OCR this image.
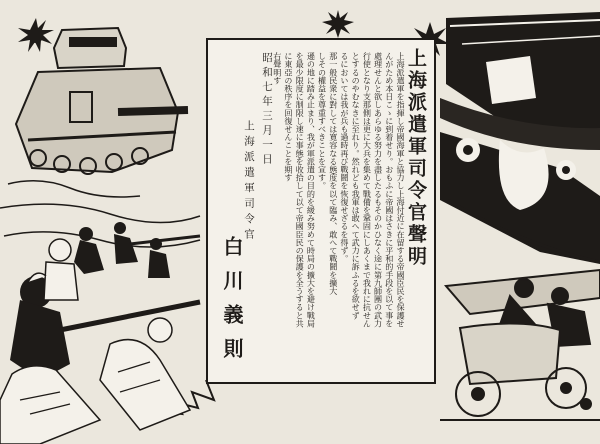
上海派遣軍司令官聲明
上海派遣軍を指揮し帝國海軍と協力し上海付近に在留する帝國臣民を保護せ
んがため本日こゝに到着せり。おもふに帝國はさきに平和的手段を以て事を
處理せんと欲しあらゆる努力を盡したるもそのかひなく途に第九師團の武力
行使となり支那側は更に大兵を集めて戰備を鞏固にしあくまで我れに抗せん
とするのやむなきに至れり。然れども我軍は敢へて武力に訴ふるを欲せず
るにおいては我が兵も過時再び戰鬪を恢復せざるを得ず。
那一般民衆に對しては寛容なる態度を以て臨み、敢へて戰鬪を擴大
しその權益を尊重すべきことを宣す。
遜の地に踏み止まり、我が軍派遣の目的を緩み努めて時局の擴大を避け戰局
を最少限度に制限し速に事態を收拾して以て帝國臣民の保護を全うすると共
に東亞の秩序を回復せんことを期す
右聲明す
昭和七年三月一日
上海派遣軍司令官
白川義則
